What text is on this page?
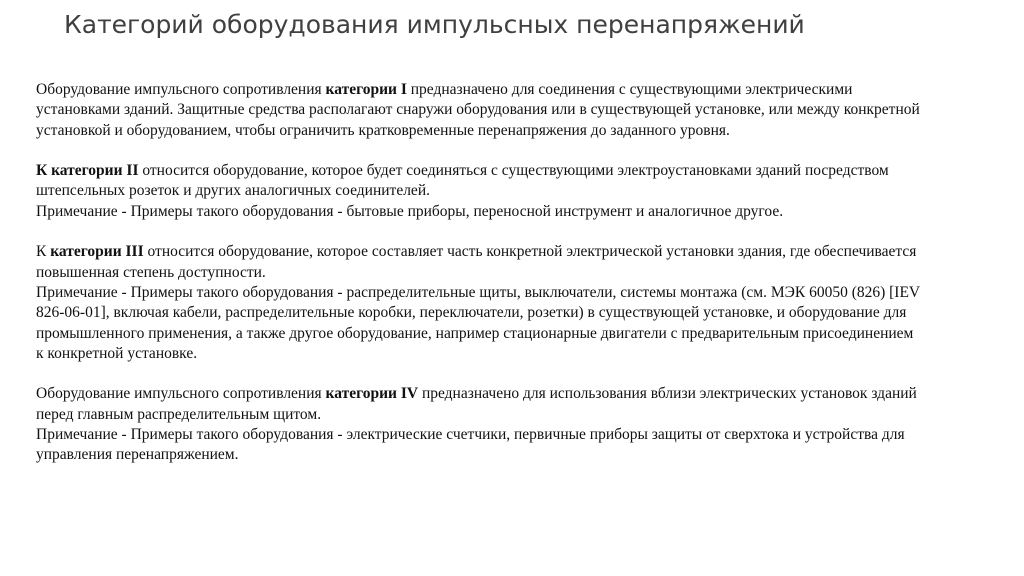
Категорий оборудования импульсных перенапряжений
Оборудование импульсного сопротивления категории I предназначено для соединения с существующими электрическими
установками зданий. Защитные средства располагают снаружи оборудования или в существующей установке, или между конкретной
установкой и оборудованием, чтобы ограничить кратковременные перенапряжения до заданного уровня.
К категории II относится оборудование, которое будет соединяться с существующими электроустановками зданий посредством
штепсельных розеток и других аналогичных соединителей.
Примечание - Примеры такого оборудования - бытовые приборы, переносной инструмент и аналогичное другое.
К категории III относится оборудование, которое составляет часть конкретной электрической установки здания, где обеспечивается
повышенная степень доступности.
Примечание - Примеры такого оборудования - распределительные щиты, выключатели, системы монтажа (см. МЭК 60050 (826) [IEV
826-06-01], включая кабели, распределительные коробки, переключатели, розетки) в существующей установке, и оборудование для
промышленного применения, а также другое оборудование, например стационарные двигатели с предварительным присоединением
к конкретной установке.
Оборудование импульсного сопротивления категории IV предназначено для использования вблизи электрических установок зданий
перед главным распределительным щитом.
Примечание - Примеры такого оборудования - электрические счетчики, первичные приборы защиты от сверхтока и устройства для
управления перенапряжением.
